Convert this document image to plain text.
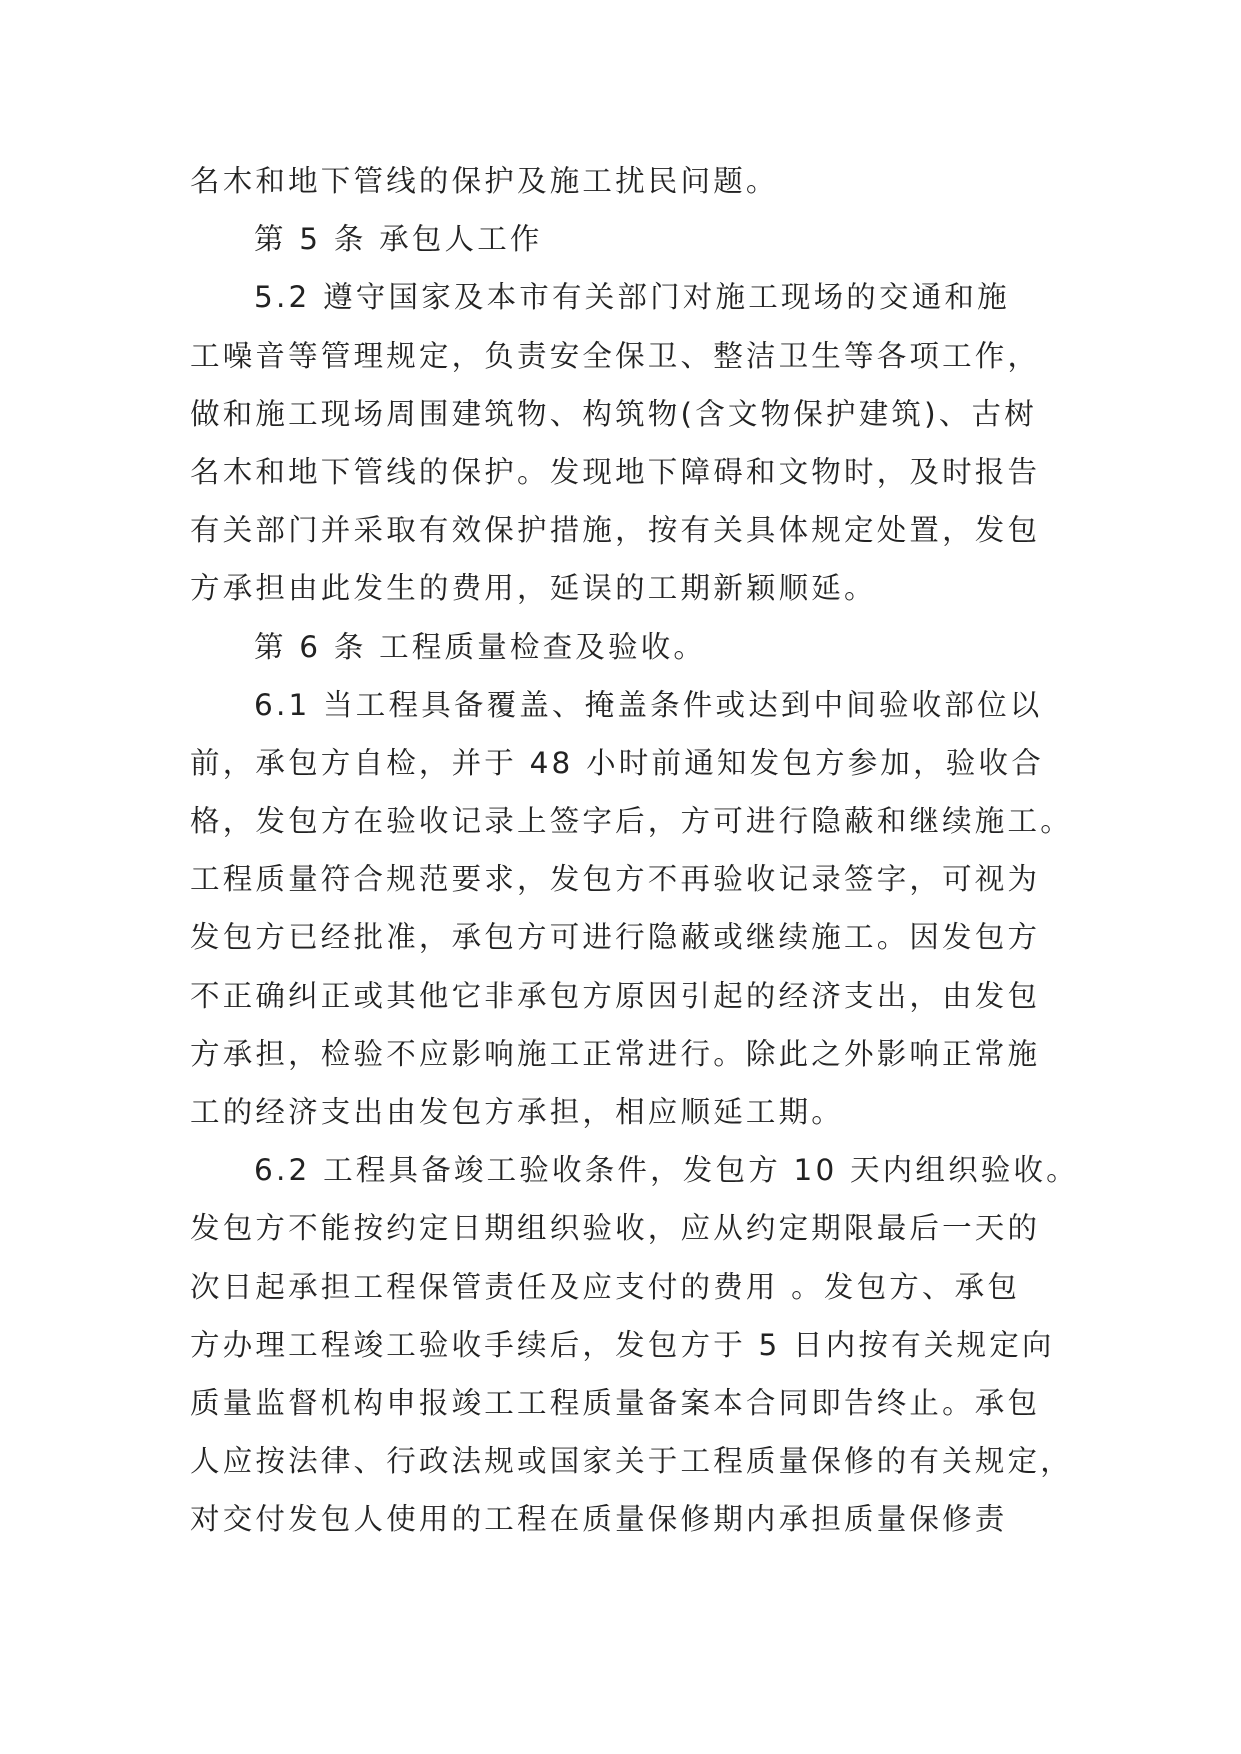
名木和地下管线的保护及施工扰民问题。
第 5 条 承包人工作
5.2 遵守国家及本市有关部门对施工现场的交通和施
工噪音等管理规定，负责安全保卫、整洁卫生等各项工作，
做和施工现场周围建筑物、构筑物(含文物保护建筑)、古树
名木和地下管线的保护。发现地下障碍和文物时，及时报告
有关部门并采取有效保护措施，按有关具体规定处置，发包
方承担由此发生的费用，延误的工期新颖顺延。
第 6 条 工程质量检查及验收。
6.1 当工程具备覆盖、掩盖条件或达到中间验收部位以
前，承包方自检，并于 48 小时前通知发包方参加，验收合
格，发包方在验收记录上签字后，方可进行隐蔽和继续施工。
工程质量符合规范要求，发包方不再验收记录签字，可视为
发包方已经批准，承包方可进行隐蔽或继续施工。因发包方
不正确纠正或其他它非承包方原因引起的经济支出，由发包
方承担，检验不应影响施工正常进行。除此之外影响正常施
工的经济支出由发包方承担，相应顺延工期。
6.2 工程具备竣工验收条件，发包方 10 天内组织验收。
发包方不能按约定日期组织验收，应从约定期限最后一天的
次日起承担工程保管责任及应支付的费用 。发包方、承包
方办理工程竣工验收手续后，发包方于 5 日内按有关规定向
质量监督机构申报竣工工程质量备案本合同即告终止。承包
人应按法律、行政法规或国家关于工程质量保修的有关规定，
对交付发包人使用的工程在质量保修期内承担质量保修责
